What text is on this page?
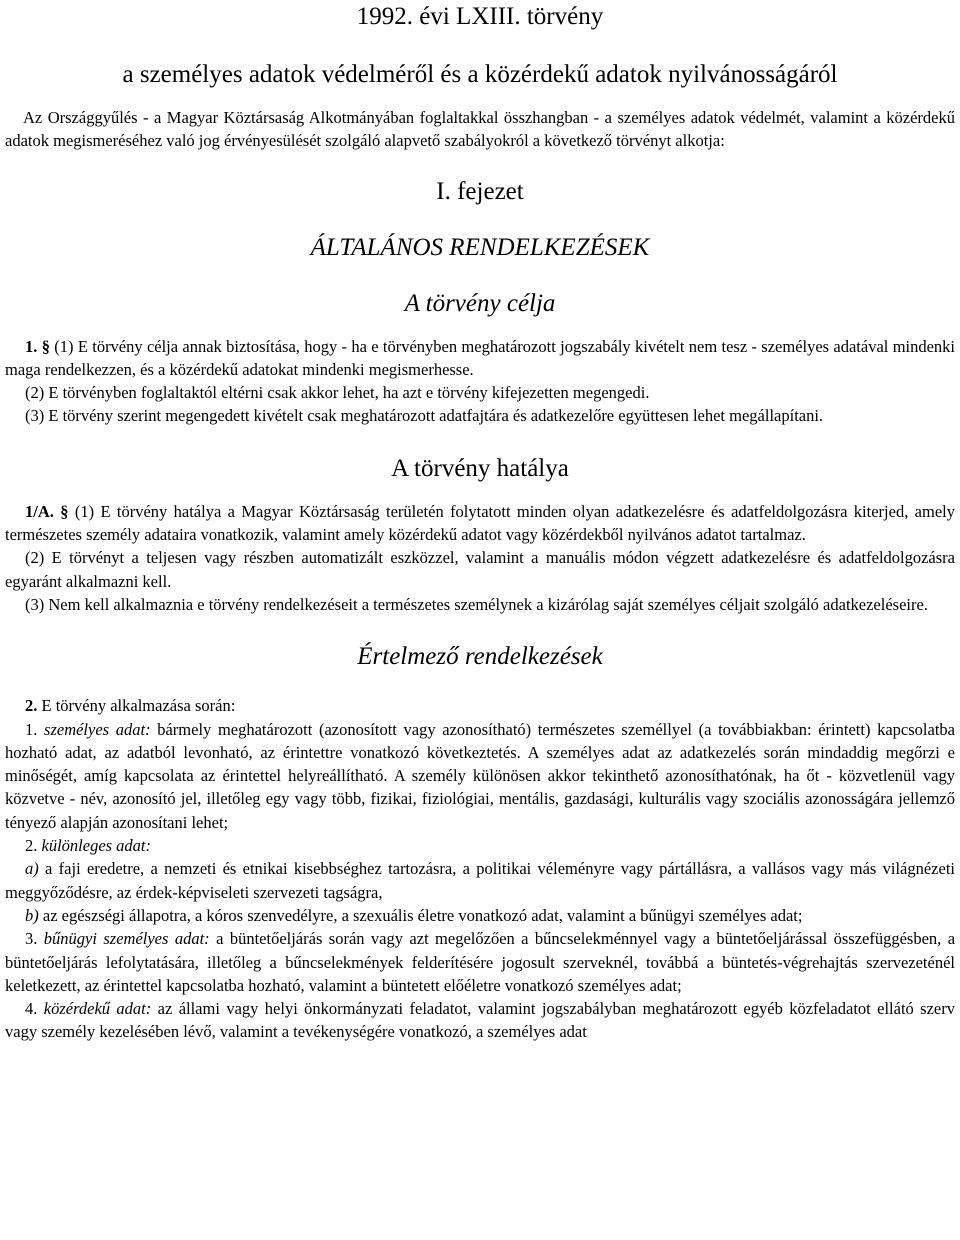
1992. évi LXIII. törvény
a személyes adatok védelméről és a közérdekű adatok nyilvánosságáról

Az Országgyűlés - a Magyar Köztársaság Alkotmányában foglaltakkal összhangban - a személyes adatok védelmét, valamint a közérdekű adatok megismeréséhez való jog érvényesülését szolgáló alapvető szabályokról a következő törvényt alkotja:

I. fejezet
ÁLTALÁNOS RENDELKEZÉSEK
A törvény célja

1. § (1) E törvény célja annak biztosítása, hogy - ha e törvényben meghatározott jogszabály kivételt nem tesz - személyes adatával mindenki maga rendelkezzen, és a közérdekű adatokat mindenki megismerhesse.

(2) E törvényben foglaltaktól eltérni csak akkor lehet, ha azt e törvény kifejezetten megengedi.

(3) E törvény szerint megengedett kivételt csak meghatározott adatfajtára és adatkezelőre együttesen lehet megállapítani.

A törvény hatálya

1/A. § (1) E törvény hatálya a Magyar Köztársaság területén folytatott minden olyan adatkezelésre és adatfeldolgozásra kiterjed, amely természetes személy adataira vonatkozik, valamint amely közérdekű adatot vagy közérdekből nyilvános adatot tartalmaz.

(2) E törvényt a teljesen vagy részben automatizált eszközzel, valamint a manuális módon végzett adatkezelésre és adatfeldolgozásra egyaránt alkalmazni kell.

(3) Nem kell alkalmaznia e törvény rendelkezéseit a természetes személynek a kizárólag saját személyes céljait szolgáló adatkezeléseire.

Értelmező rendelkezések

2. E törvény alkalmazása során:

1. személyes adat: bármely meghatározott (azonosított vagy azonosítható) természetes személlyel (a továbbiakban: érintett) kapcsolatba hozható adat, az adatból levonható, az érintettre vonatkozó következtetés. A személyes adat az adatkezelés során mindaddig megőrzi e minőségét, amíg kapcsolata az érintettel helyreállítható. A személy különösen akkor tekinthető azonosíthatónak, ha őt - közvetlenül vagy közvetve - név, azonosító jel, illetőleg egy vagy több, fizikai, fiziológiai, mentális, gazdasági, kulturális vagy szociális azonosságára jellemző tényező alapján azonosítani lehet;

2. különleges adat:

a) a faji eredetre, a nemzeti és etnikai kisebbséghez tartozásra, a politikai véleményre vagy pártállásra, a vallásos vagy más világnézeti meggyőződésre, az érdek-képviseleti szervezeti tagságra,

b) az egészségi állapotra, a kóros szenvedélyre, a szexuális életre vonatkozó adat, valamint a bűnügyi személyes adat;

3. bűnügyi személyes adat: a büntetőeljárás során vagy azt megelőzően a bűncselekménnyel vagy a büntetőeljárással összefüggésben, a büntetőeljárás lefolytatására, illetőleg a bűncselekmények felderítésére jogosult szerveknél, továbbá a büntetés-végrehajtás szervezeténél keletkezett, az érintettel kapcsolatba hozható, valamint a büntetett előéletre vonatkozó személyes adat;

4. közérdekű adat: az állami vagy helyi önkormányzati feladatot, valamint jogszabályban meghatározott egyéb közfeladatot ellátó szerv vagy személy kezelésében lévő, valamint a tevékenységére vonatkozó, a személyes adat
